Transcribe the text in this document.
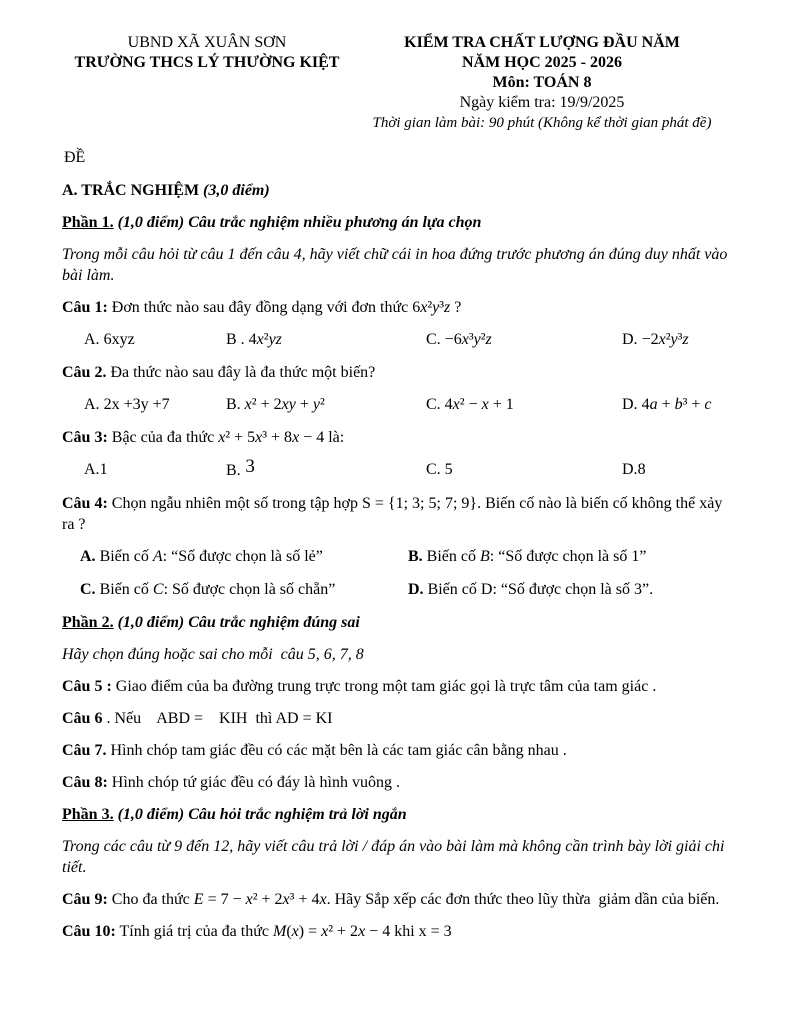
UBND XÃ XUÂN SƠN
TRƯỜNG THCS LÝ THƯỜNG KIỆT
KIỂM TRA CHẤT LƯỢNG ĐẦU NĂM
NĂM HỌC 2025 - 2026
Môn: TOÁN 8
Ngày kiểm tra: 19/9/2025
Thời gian làm bài: 90 phút (Không kể thời gian phát đề)
ĐỀ

A. TRẮC NGHIỆM (3,0 điểm)

Phần 1. (1,0 điểm) Câu trắc nghiệm nhiều phương án lựa chọn

Trong mỗi câu hỏi từ câu 1 đến câu 4, hãy viết chữ cái in hoa đứng trước phương án đúng duy nhất vào bài làm.

Câu 1: Đơn thức nào sau đây đồng dạng với đơn thức 6x²y³z ?

A. 6xyz	B . 4x²yz	C. −6x³y²z	D. −2x²y³z

Câu 2. Đa thức nào sau đây là đa thức một biến?

A. 2x +3y +7	B. x² + 2xy + y²	C. 4x² − x + 1	D. 4a + b³ + c

Câu 3: Bậc của đa thức x² + 5x³ + 8x − 4 là:

A.1	B. 3	C. 5	D.8

Câu 4: Chọn ngẫu nhiên một số trong tập hợp S = {1; 3; 5; 7; 9}. Biến cố nào là biến cố không thể xảy ra ?

A. Biến cố A: “Số được chọn là số lẻ”	B. Biến cố B: “Số được chọn là số 1”
C. Biến cố C: Số được chọn là số chẵn”	D. Biến cố D: “Số được chọn là số 3”.

Phần 2. (1,0 điểm) Câu trắc nghiệm đúng sai

Hãy chọn đúng hoặc sai cho mỗi  câu 5, 6, 7, 8

Câu 5 : Giao điểm của ba đường trung trực trong một tam giác gọi là trực tâm của tam giác .

Câu 6 . Nếu    ABD =    KIH  thì AD = KI

Câu 7. Hình chóp tam giác đều có các mặt bên là các tam giác cân bằng nhau .

Câu 8: Hình chóp tứ giác đều có đáy là hình vuông .

Phần 3. (1,0 điểm) Câu hỏi trắc nghiệm trả lời ngắn

Trong các câu từ 9 đến 12, hãy viết câu trả lời / đáp án vào bài làm mà không cần trình bày lời giải chi tiết.

Câu 9: Cho đa thức E = 7 − x² + 2x³ + 4x. Hãy Sắp xếp các đơn thức theo lũy thừa  giảm dần của biến.

Câu 10: Tính giá trị của đa thức M(x) = x² + 2x − 4 khi x = 3
